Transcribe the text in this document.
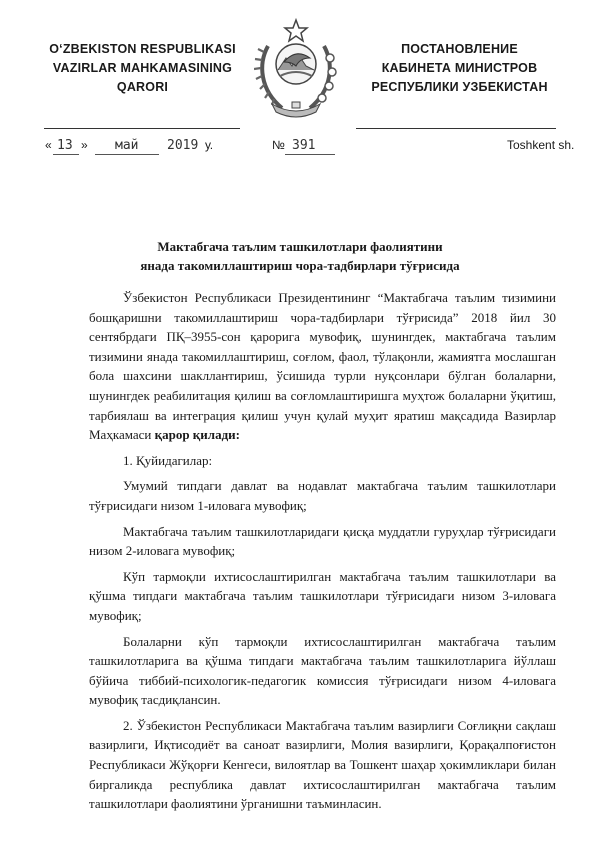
O‘ZBEKISTON RESPUBLIKASI
VAZIRLAR MAHKAMASINING
QARORI
ПОСТАНОВЛЕНИЕ
КАБИНЕТА МИНИСТРОВ
РЕСПУБЛИКИ УЗБЕКИСТАН
« 13 » май 2019 у.	№ 391	Toshkent sh.
Мактабгача таълим ташкилотлари фаолиятини
янада такомиллаштириш чора-тадбирлари тўғрисида

Ўзбекистон Республикаси Президентининг “Мактабгача таълим тизимини бошқаришни такомиллаштириш чора-тадбирлари тўғрисида” 2018 йил 30 сентябрдаги ПҚ–3955-сон қарорига мувофиқ, шунингдек, мактабгача таълим тизимини янада такомиллаштириш, соғлом, фаол, тўлақонли, жамиятга мослашган бола шахсини шакллантириш, ўсишида турли нуқсонлари бўлган болаларни, шунингдек реабилитация қилиш ва соғломлаштиришга муҳтож болаларни ўқитиш, тарбиялаш ва интеграция қилиш учун қулай муҳит яратиш мақсадида Вазирлар Маҳкамаси қарор қилади:

1. Қуйидагилар:

Умумий типдаги давлат ва нодавлат мактабгача таълим ташкилотлари тўғрисидаги низом 1-иловага мувофиқ;

Мактабгача таълим ташкилотларидаги қисқа муддатли гуруҳлар тўғрисидаги низом 2-иловага мувофиқ;

Кўп тармоқли ихтисослаштирилган мактабгача таълим ташкилотлари ва қўшма типдаги мактабгача таълим ташкилотлари тўғрисидаги низом 3-иловага мувофиқ;

Болаларни кўп тармоқли ихтисослаштирилган мактабгача таълим ташкилотларига ва қўшма типдаги мактабгача таълим ташкилотларига йўллаш бўйича тиббий-психологик-педагогик комиссия тўғрисидаги низом 4-иловага мувофиқ тасдиқлансин.

2. Ўзбекистон Республикаси Мактабгача таълим вазирлиги Соғлиқни сақлаш вазирлиги, Иқтисодиёт ва саноат вазирлиги, Молия вазирлиги, Қорақалпоғистон Республикаси Жўқорғи Кенгеси, вилоятлар ва Тошкент шаҳар ҳокимликлари билан биргаликда республика давлат ихтисослаштирилган мактабгача таълим ташкилотлари фаолиятини ўрганишни таъминласин.
